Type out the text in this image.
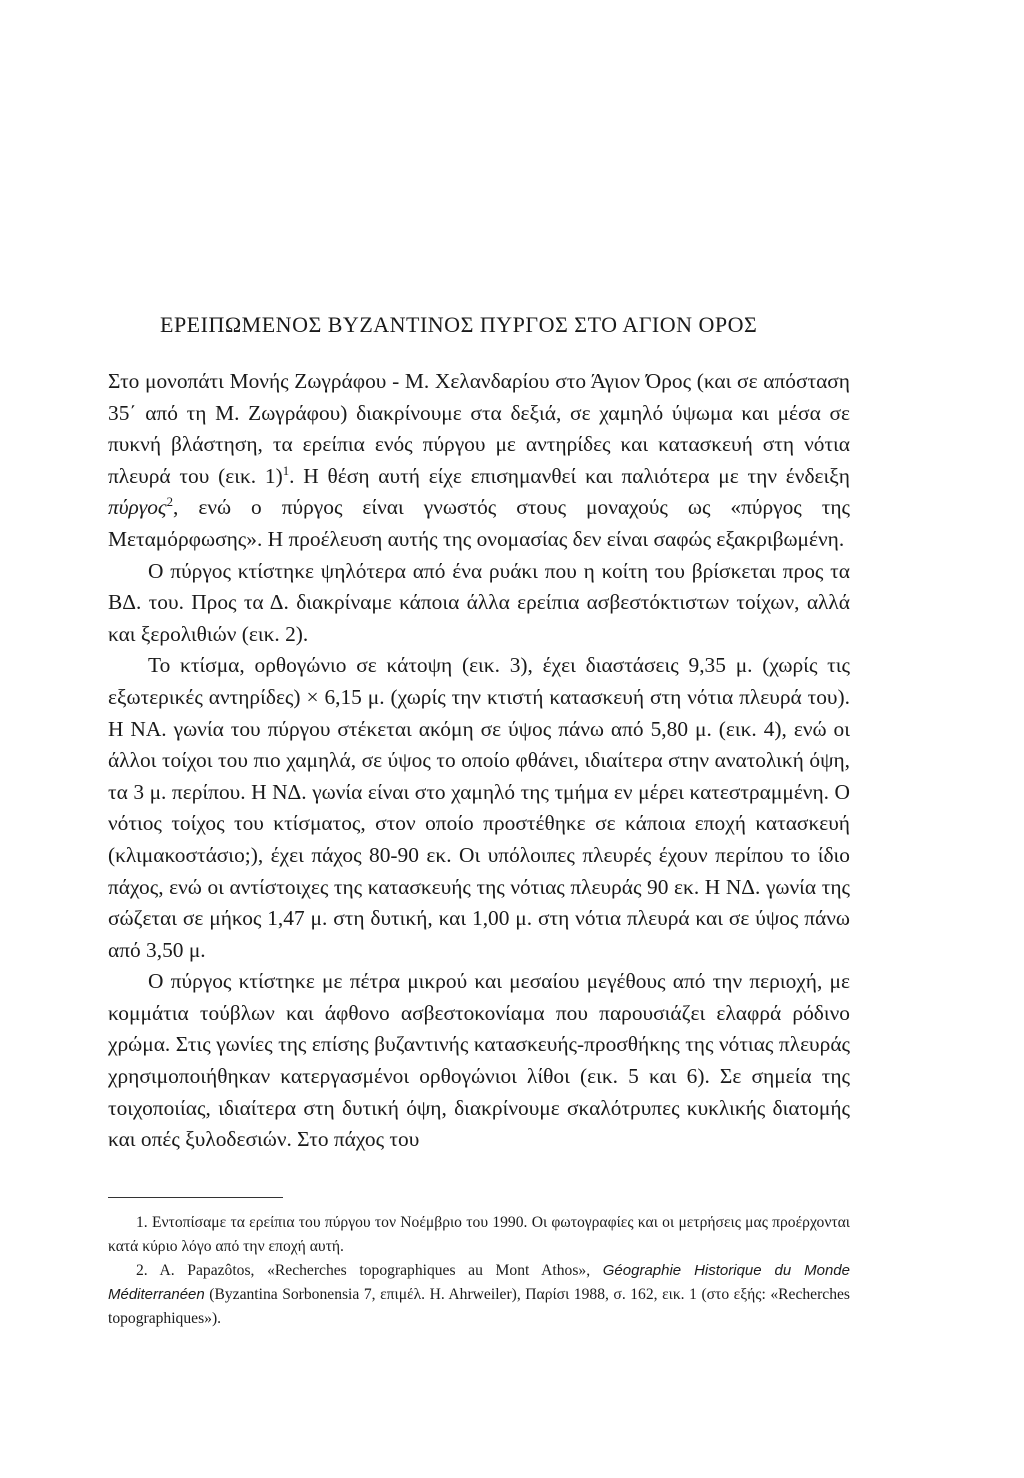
ΕΡΕΙΠΩΜΕΝΟΣ ΒΥΖΑΝΤΙΝΟΣ ΠΥΡΓΟΣ ΣΤΟ ΑΓΙΟΝ ΟΡΟΣ

Στο μονοπάτι Μονής Ζωγράφου - Μ. Χελανδαρίου στο Άγιον Όρος (και σε απόσταση 35΄ από τη Μ. Ζωγράφου) διακρίνουμε στα δεξιά, σε χαμηλό ύψωμα και μέσα σε πυκνή βλάστηση, τα ερείπια ενός πύργου με αντηρίδες και κατασκευή στη νότια πλευρά του (εικ. 1)$^1$. Η θέση αυτή είχε επισημανθεί και παλιότερα με την ένδειξη πύργος$^2$, ενώ ο πύργος είναι γνωστός στους μοναχούς ως «πύργος της Μεταμόρφωσης». Η προέλευση αυτής της ονομασίας δεν είναι σαφώς εξακριβωμένη.

Ο πύργος κτίστηκε ψηλότερα από ένα ρυάκι που η κοίτη του βρίσκεται προς τα ΒΔ. του. Προς τα Δ. διακρίναμε κάποια άλλα ερείπια ασβεστόκτιστων τοίχων, αλλά και ξερολιθιών (εικ. 2).

Το κτίσμα, ορθογώνιο σε κάτοψη (εικ. 3), έχει διαστάσεις 9,35 μ. (χωρίς τις εξωτερικές αντηρίδες) × 6,15 μ. (χωρίς την κτιστή κατασκευή στη νότια πλευρά του). Η ΝΑ. γωνία του πύργου στέκεται ακόμη σε ύψος πάνω από 5,80 μ. (εικ. 4), ενώ οι άλλοι τοίχοι του πιο χαμηλά, σε ύψος το οποίο φθάνει, ιδιαίτερα στην ανατολική όψη, τα 3 μ. περίπου. Η ΝΔ. γωνία είναι στο χαμηλό της τμήμα εν μέρει κατεστραμμένη. Ο νότιος τοίχος του κτίσματος, στον οποίο προστέθηκε σε κάποια εποχή κατασκευή (κλιμακοστάσιο;), έχει πάχος 80-90 εκ. Οι υπόλοιπες πλευρές έχουν περίπου το ίδιο πάχος, ενώ οι αντίστοιχες της κατασκευής της νότιας πλευράς 90 εκ. Η ΝΔ. γωνία της σώζεται σε μήκος 1,47 μ. στη δυτική, και 1,00 μ. στη νότια πλευρά και σε ύψος πάνω από 3,50 μ.

Ο πύργος κτίστηκε με πέτρα μικρού και μεσαίου μεγέθους από την περιοχή, με κομμάτια τούβλων και άφθονο ασβεστοκονίαμα που παρουσιάζει ελαφρά ρόδινο χρώμα. Στις γωνίες της επίσης βυζαντινής κατασκευής-προσθήκης της νότιας πλευράς χρησιμοποιήθηκαν κατεργασμένοι ορθογώνιοι λίθοι (εικ. 5 και 6). Σε σημεία της τοιχοποιίας, ιδιαίτερα στη δυτική όψη, διακρίνουμε σκαλότρυπες κυκλικής διατομής και οπές ξυλοδεσιών. Στο πάχος του

1. Εντοπίσαμε τα ερείπια του πύργου τον Νοέμβριο του 1990. Οι φωτογραφίες και οι μετρήσεις μας προέρχονται κατά κύριο λόγο από την εποχή αυτή.

2. A. Papazôtos, «Recherches topographiques au Mont Athos», Géographie Historique du Monde Méditerranéen (Byzantina Sorbonensia 7, επιμέλ. H. Ahrweiler), Παρίσι 1988, σ. 162, εικ. 1 (στο εξής: «Recherches topographiques»).
